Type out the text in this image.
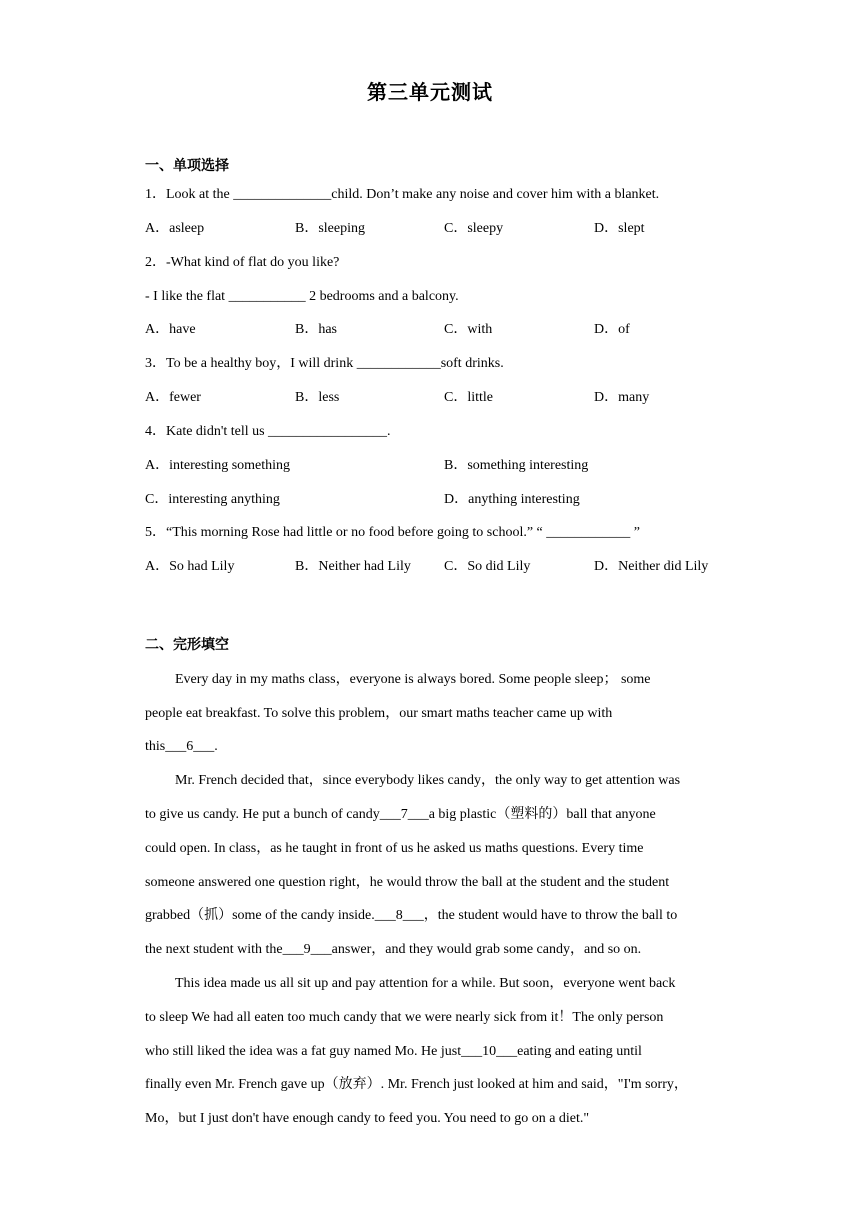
第三单元测试
一、单项选择
1．Look at the ______________child. Don’t make any noise and cover him with a blanket.
A．asleep	B．sleeping	C．sleepy	D．slept
2．-What kind of flat do you like?
- I like the flat ___________ 2 bedrooms and a balcony.
A．have	B．has	C．with	D．of
3．To be a healthy boy，I will drink ____________soft drinks.
A．fewer	B．less	C．little	D．many
4．Kate didn't tell us _________________.
A．interesting something	B．something interesting
C．interesting anything	D．anything interesting
5．“This morning Rose had little or no food before going to school.” “ ____________ ”
A．So had Lily	B．Neither had Lily C．So did Lily	D．Neither did Lily
二、完形填空
Every day in my maths class，everyone is always bored. Some people sleep； some
people eat breakfast. To solve this problem，our smart maths teacher came up with
this___6___.
Mr. French decided that，since everybody likes candy，the only way to get attention was
to give us candy. He put a bunch of candy___7___a big plastic（塑料的）ball that anyone
could open. In class，as he taught in front of us he asked us maths questions. Every time
someone answered one question right，he would throw the ball at the student and the student
grabbed（抓）some of the candy inside.___8___，the student would have to throw the ball to
the next student with the___9___answer，and they would grab some candy，and so on.
This idea made us all sit up and pay attention for a while. But soon，everyone went back
to sleep We had all eaten too much candy that we were nearly sick from it！The only person
who still liked the idea was a fat guy named Mo. He just___10___eating and eating until
finally even Mr. French gave up（放弃）. Mr. French just looked at him and said，"I'm sorry，
Mo，but I just don't have enough candy to feed you. You need to go on a diet."
